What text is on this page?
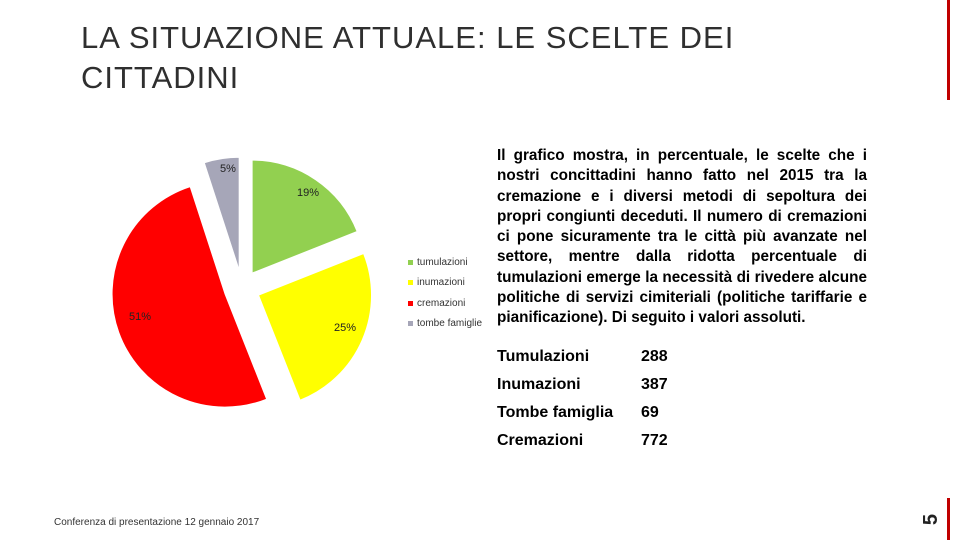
LA SITUAZIONE ATTUALE: LE SCELTE DEI
CITTADINI
5
19%
25%
51%
5%
tumulazioni
inumazioni
cremazioni
tombe famiglie
Il grafico mostra, in percentuale, le scelte che i nostri concittadini hanno fatto nel 2015 tra la cremazione e i diversi metodi di sepoltura dei propri congiunti deceduti. Il numero di cremazioni ci pone sicuramente tra le città più avanzate nel settore, mentre dalla ridotta percentuale di tumulazioni emerge la necessità di rivedere alcune politiche di servizi cimiteriali (politiche tariffarie e pianificazione). Di seguito i valori assoluti.
Tumulazioni	288
Inumazioni	387
Tombe famiglia	69
Cremazioni	772
Conferenza di presentazione 12 gennaio 2017
